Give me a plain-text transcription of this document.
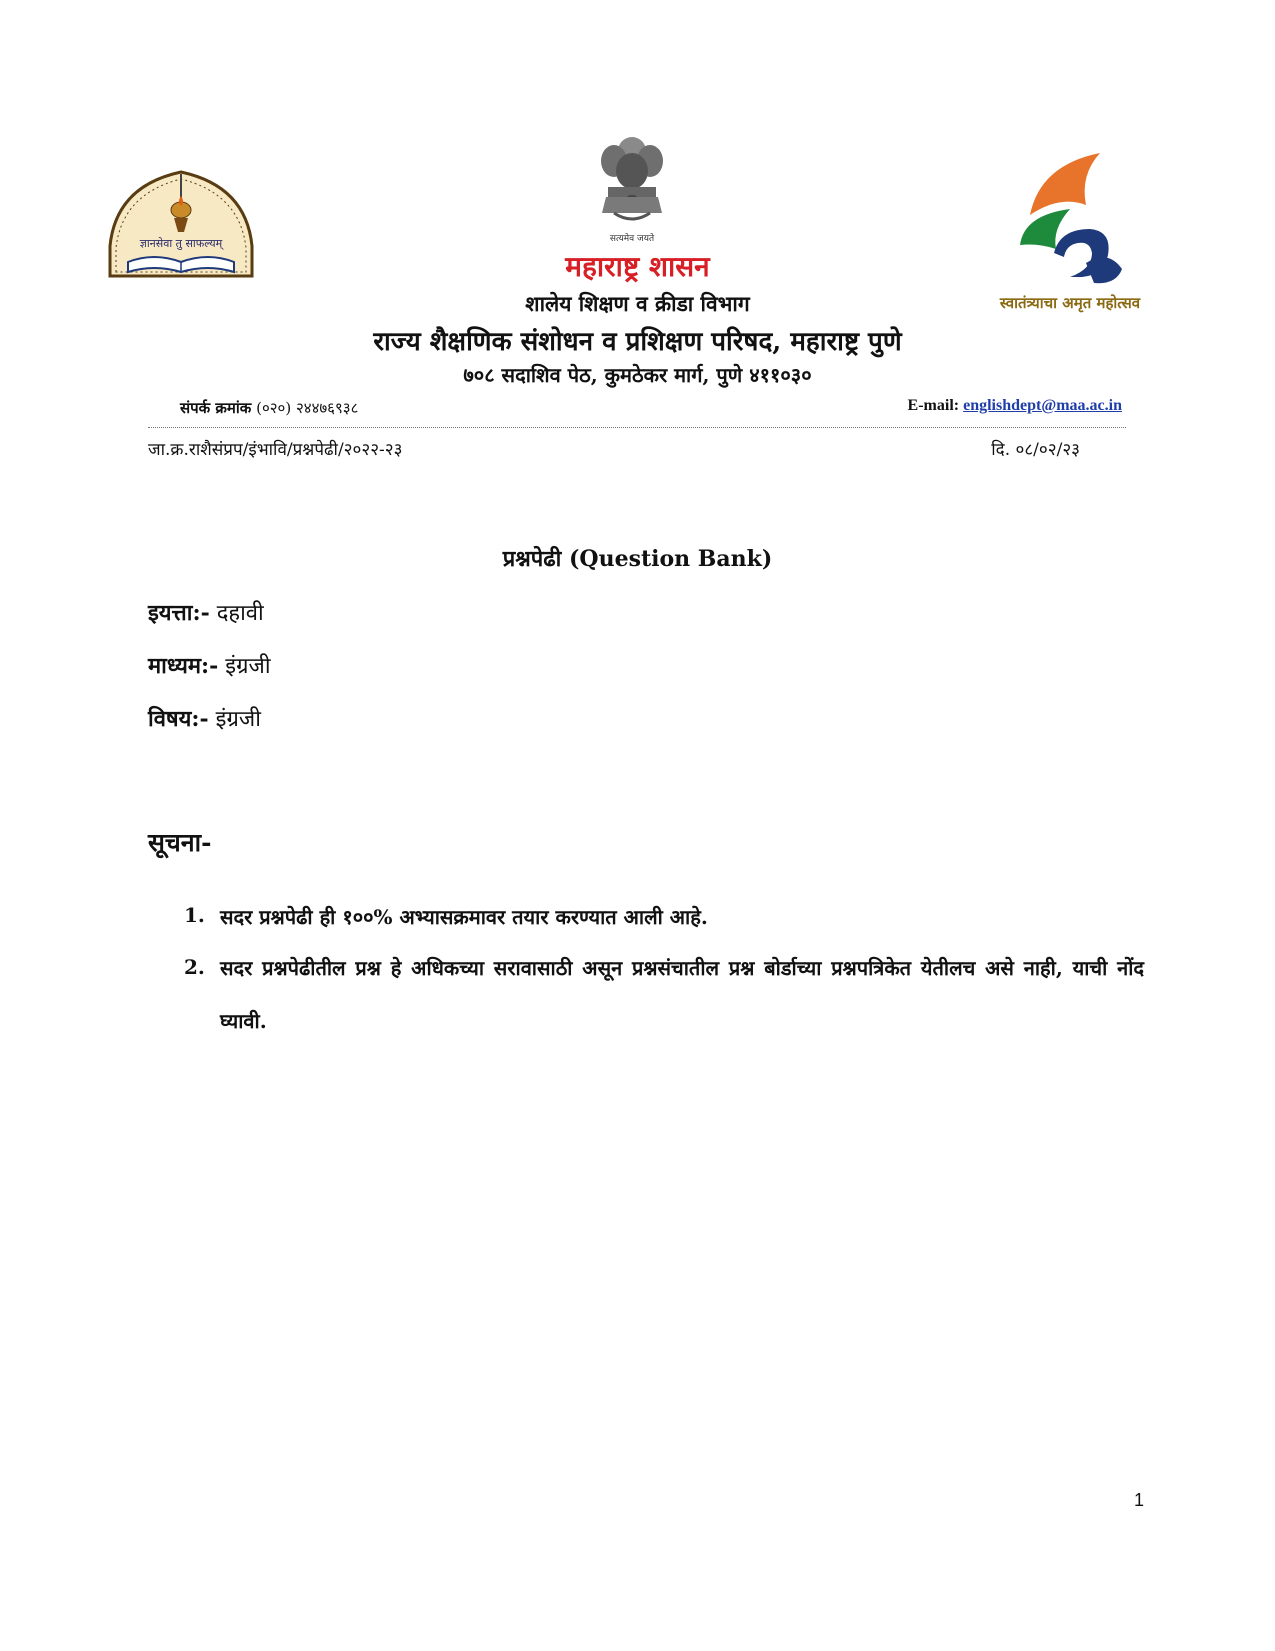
ज्ञानसेवा तु साफल्यम्	सत्यमेव जयते
स्वातंत्र्याचा अमृत महोत्सव
महाराष्ट्र शासन
शालेय शिक्षण व क्रीडा विभाग
राज्य शैक्षणिक संशोधन व प्रशिक्षण परिषद, महाराष्ट्र पुणे
७०८ सदाशिव पेठ, कुमठेकर मार्ग, पुणे ४११०३०
संपर्क क्रमांक (०२०) २४४७६९३८	E-mail: englishdept@maa.ac.in
जा.क्र.राशैसंप्रप/इंभावि/प्रश्नपेढी/२०२२-२३	दि. ०८/०२/२३
प्रश्नपेढी (Question Bank)
इयत्ता:- दहावी
माध्यम:- इंग्रजी
विषय:- इंग्रजी
सूचना-
1. सदर प्रश्नपेढी ही १००% अभ्यासक्रमावर तयार करण्यात आली आहे.
2. सदर प्रश्नपेढीतील प्रश्न हे अधिकच्या सरावासाठी असून प्रश्नसंचातील प्रश्न बोर्डाच्या प्रश्नपत्रिकेत येतीलच असे नाही, याची नोंद घ्यावी.
1
